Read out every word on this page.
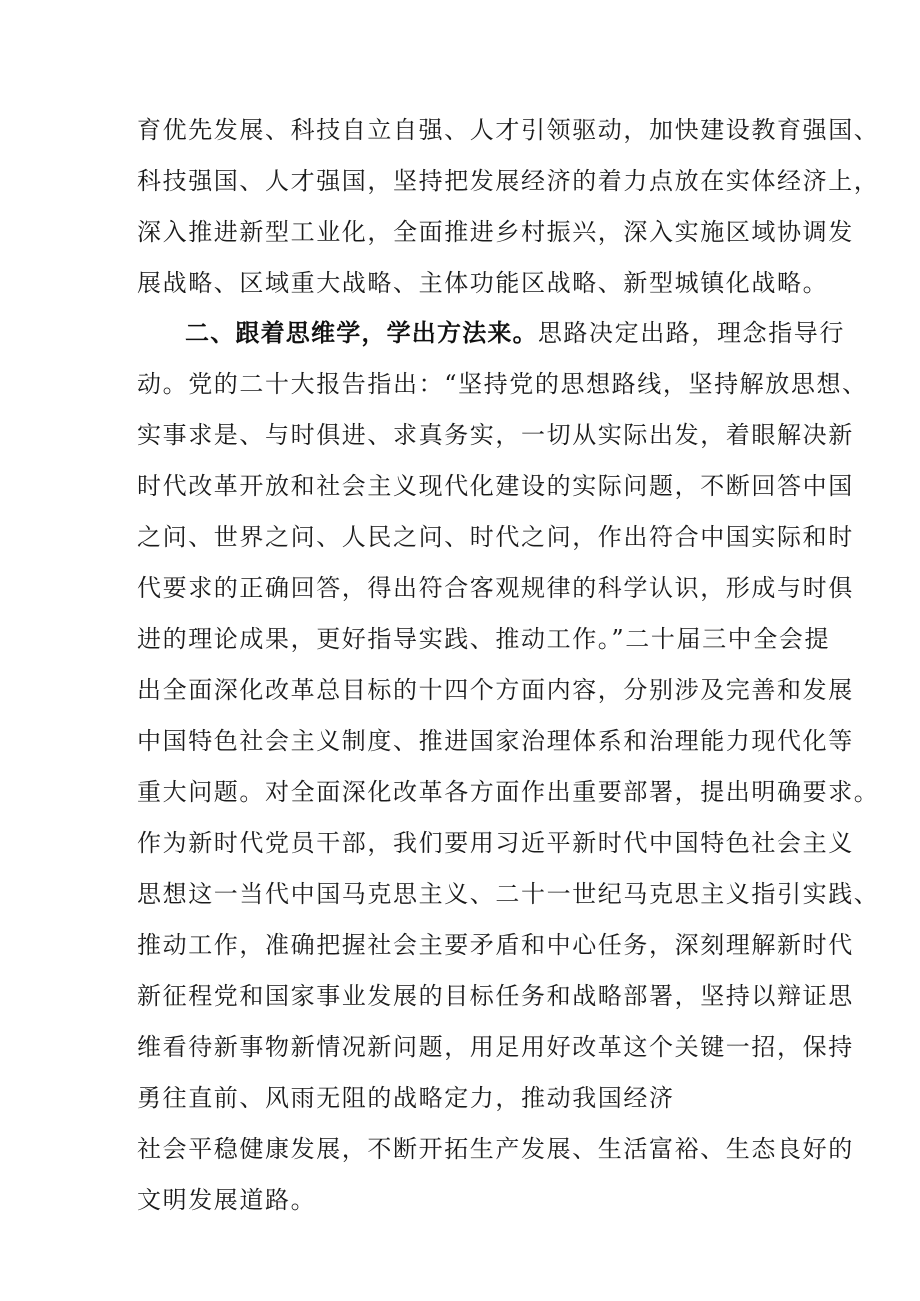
育优先发展、科技自立自强、人才引领驱动，加快建设教育强国、

科技强国、人才强国，坚持把发展经济的着力点放在实体经济上，

深入推进新型工业化，全面推进乡村振兴，深入实施区域协调发

展战略、区域重大战略、主体功能区战略、新型城镇化战略。

二、跟着思维学，学出方法来。思路决定出路，理念指导行

动。党的二十大报告指出：“坚持党的思想路线，坚持解放思想、

实事求是、与时俱进、求真务实，一切从实际出发，着眼解决新

时代改革开放和社会主义现代化建设的实际问题，不断回答中国

之问、世界之问、人民之问、时代之问，作出符合中国实际和时

代要求的正确回答，得出符合客观规律的科学认识，形成与时俱

进的理论成果，更好指导实践、推动工作。”二十届三中全会提

出全面深化改革总目标的十四个方面内容，分别涉及完善和发展

中国特色社会主义制度、推进国家治理体系和治理能力现代化等

重大问题。对全面深化改革各方面作出重要部署，提出明确要求。

作为新时代党员干部，我们要用习近平新时代中国特色社会主义

思想这一当代中国马克思主义、二十一世纪马克思主义指引实践、

推动工作，准确把握社会主要矛盾和中心任务，深刻理解新时代

新征程党和国家事业发展的目标任务和战略部署，坚持以辩证思

维看待新事物新情况新问题，用足用好改革这个关键一招，保持

勇往直前、风雨无阻的战略定力，推动我国经济

社会平稳健康发展，不断开拓生产发展、生活富裕、生态良好的

文明发展道路。
